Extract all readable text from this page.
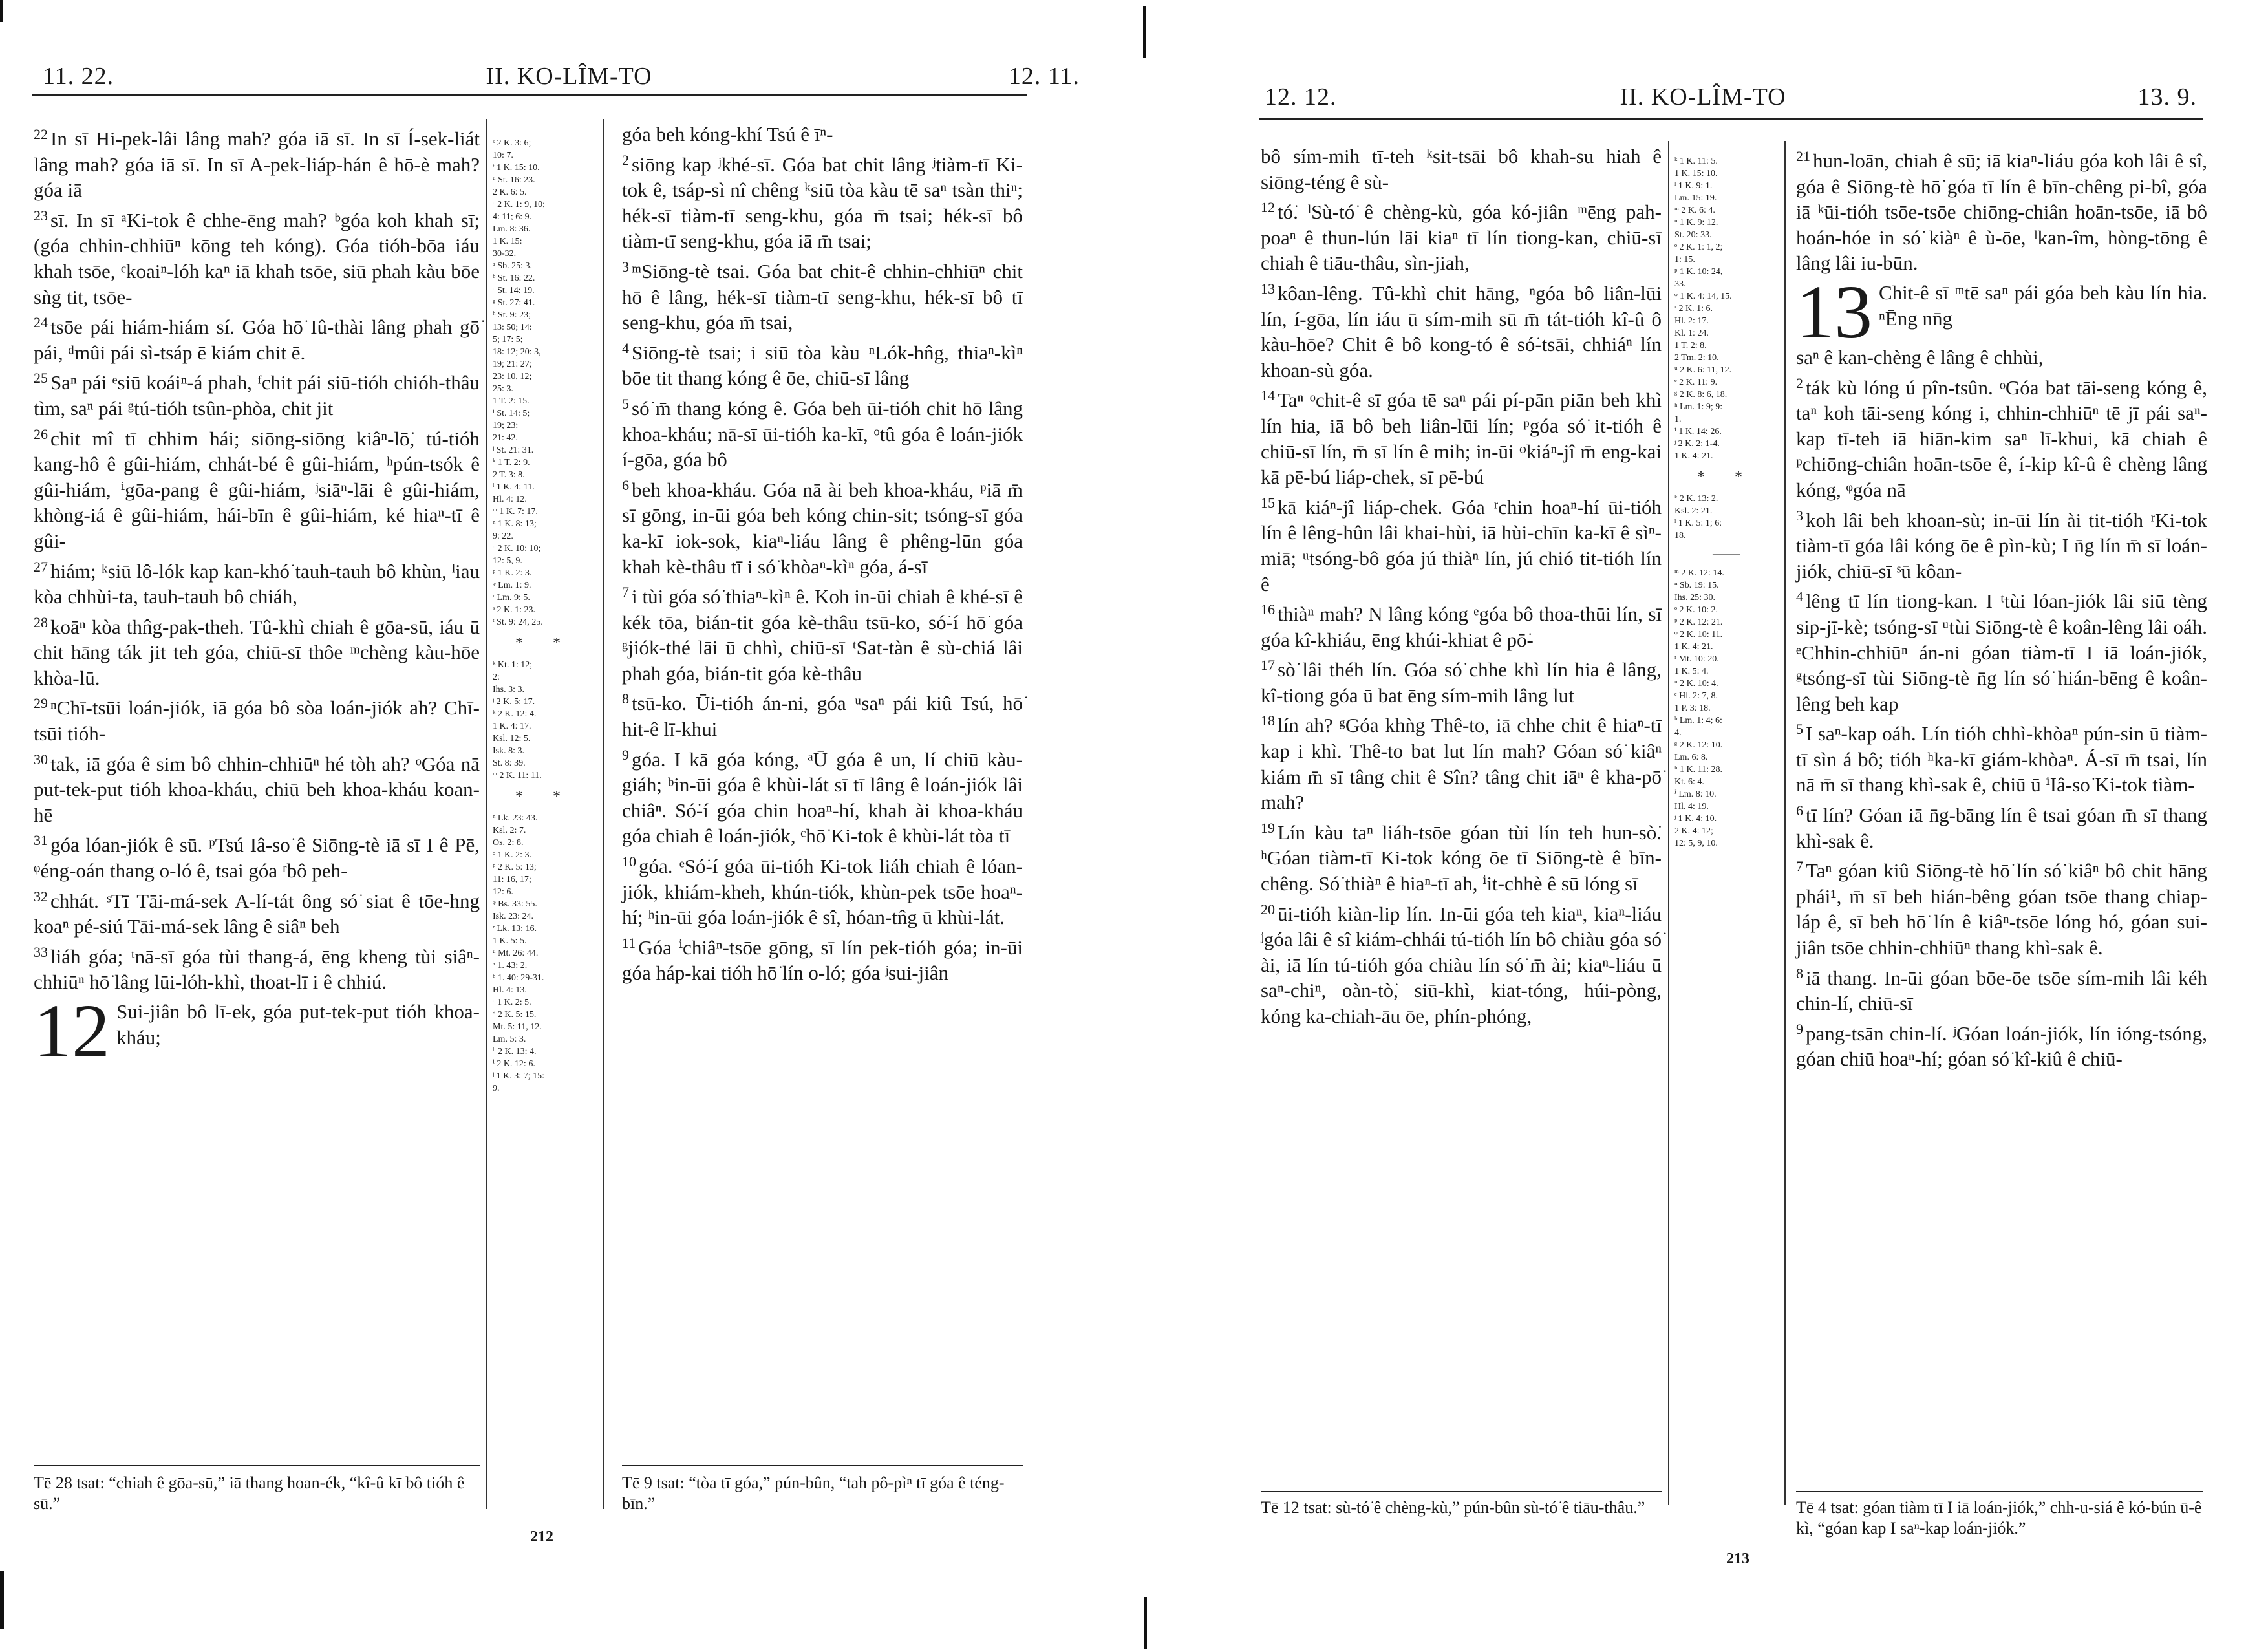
11. 22.	II. KO-LÎM-TO	12. 11.

$^{22}$ In sī Hi-pek-lâi lâng mah? góa iā sī. In sī Í-sek-liát lâng mah? góa iā sī. In sī A-pek-liáp-hán ê hō-è mah? góa iā

$^{23}$ sī. In sī ᵃKi-tok ê chhe-ēng mah? ᵇgóa koh khah sī; (góa chhin-chhiūⁿ kōng teh kóng). Góa tióh-bōa iáu khah tsōe, ᶜkoaiⁿ-lóh kaⁿ iā khah tsōe, siū phah kàu bōe sǹg tit, tsōe-

$^{24}$ tsōe pái hiám-hiám sí. Góa hō͘ Iû-thài lâng phah gō͘ pái, ᵈmûi pái sì-tsáp ē kiám chit ē.

$^{25}$ Saⁿ pái ᵉsiū koáiⁿ-á phah, ᶠchit pái siū-tióh chióh-thâu tìm, saⁿ pái ᵍtú-tióh tsûn-phòa, chit jit

$^{26}$ chit mî tī chhim hái; siōng-siōng kiâⁿ-lō͘, tú-tióh kang-hô ê gûi-hiám, chhát-bé ê gûi-hiám, ʰpún-tsók ê gûi-hiám, ⁱgōa-pang ê gûi-hiám, ʲsiāⁿ-lāi ê gûi-hiám, khòng-iá ê gûi-hiám, hái-bīn ê gûi-hiám, ké hiaⁿ-tī ê gûi-

$^{27}$ hiám; ᵏsiū lô-lók kap kan-khó͘ tauh-tauh bô khùn, ˡiau kòa chhùi-ta, tauh-tauh bô chiáh,

$^{28}$ koāⁿ kòa thn̂g-pak-theh. Tû-khì chiah ê gōa-sū, iáu ū chit hāng ták jit teh góa, chiū-sī thôe ᵐchèng kàu-hōe khòa-lū.

$^{29}$ ⁿChī-tsūi loán-jiók, iā góa bô sòa loán-jiók ah? Chī-tsūi tióh-

$^{30}$ tak, iā góa ê sim bô chhin-chhiūⁿ hé tòh ah? ᵒGóa nā put-tek-put tióh khoa-kháu, chiū beh khoa-kháu koan-hē

$^{31}$ góa lóan-jiók ê sū. ᵖTsú Iâ-so͘ ê Siōng-tè iā sī I ê Pē, ᵠéng-oán thang o-ló ê, tsai góa ʳbô peh-

$^{32}$ chhát. ˢTī Tāi-má-sek A-lí-tát ông só͘ siat ê tōe-hng koaⁿ pé-siú Tāi-má-sek lâng ê siâⁿ beh

$^{33}$ liáh góa; ᵗnā-sī góa tùi thang-á, ēng kheng tùi siâⁿ-chhiūⁿ hō͘ lâng lūi-lóh-khì, thoat-lī i ê chhiú.

12 Sui-jiân bô lī-ek, góa put-tek-put tióh khoa-kháu;

ˢ 2 K. 3: 6;
10: 7.
ᵗ 1 K. 15: 10.
ᵘ St. 16: 23.
2 K. 6: 5.
ᶜ 2 K. 1: 9, 10;
4: 11; 6: 9.
Lm. 8: 36.
1 K. 15:
30-32.
ᵃ Sb. 25: 3.
ᵇ St. 16: 22.
ᶜ St. 14: 19.
ᵍ St. 27: 41.
ʰ St. 9: 23;
13: 50; 14:
5; 17: 5;
18: 12; 20: 3,
19; 21: 27;
23: 10, 12;
25: 3.
1 T. 2: 15.
ⁱ St. 14: 5;
19; 23:
21: 42.
ʲ St. 21: 31.
ᵏ 1 T. 2: 9.
2 T. 3: 8.
ˡ 1 K. 4: 11.
Hl. 4: 12.
ᵐ 1 K. 7: 17.
ⁿ 1 K. 8: 13;
9: 22.
ᵒ 2 K. 10: 10;
12: 5, 9.
ᵖ 1 K. 2: 3.
ᵠ Lm. 1: 9.
ʳ Lm. 9: 5.
ˢ 2 K. 1: 23.
ᵗ St. 9: 24, 25.
* *
ᵏ Kt. 1: 12;
2:
Ihs. 3: 3.
ʲ 2 K. 5: 17.
ᵏ 2 K. 12: 4.
1 K. 4: 17.
Ksl. 12: 5.
Isk. 8: 3.
St. 8: 39.
ᵐ 2 K. 11: 11.
* *
ⁿ Lk. 23: 43.
Ksl. 2: 7.
Os. 2: 8.
ᵒ 1 K. 2: 3.
ᵖ 2 K. 5: 13;
11: 16, 17;
12: 6.
ᵠ Bs. 33: 55.
Isk. 23: 24.
ʳ Lk. 13: 16.
1 K. 5: 5.
ᵘ Mt. 26: 44.
ᵃ 1. 43: 2.
ᵇ 1. 40: 29-31.
Hl. 4: 13.
ᶜ 1 K. 2: 5.
ᵈ 2 K. 5: 15.
Mt. 5: 11, 12.
Lm. 5: 3.
ʰ 2 K. 13: 4.
ⁱ 2 K. 12: 6.
ʲ 1 K. 3: 7; 15:
9.

góa beh kóng-khí Tsú ê īⁿ-

$^2$ siōng kap ʲkhé-sī. Góa bat chit lâng ʲtiàm-tī Ki-tok ê, tsáp-sì nî chêng ᵏsiū tòa kàu tē saⁿ tsàn thiⁿ; hék-sī tiàm-tī seng-khu, góa m̄ tsai; hék-sī bô tiàm-tī seng-khu, góa iā m̄ tsai;

$^3$ ᵐSiōng-tè tsai. Góa bat chit-ê chhin-chhiūⁿ chit hō ê lâng, hék-sī tiàm-tī seng-khu, hék-sī bô tī seng-khu, góa m̄ tsai,

$^4$ Siōng-tè tsai; i siū tòa kàu ⁿLók-hn̂g, thiaⁿ-kìⁿ bōe tit thang kóng ê ōe, chiū-sī lâng

$^5$ só͘ m̄ thang kóng ê. Góa beh ūi-tióh chit hō lâng khoa-kháu; nā-sī ūi-tióh ka-kī, ᵒtû góa ê loán-jiók í-gōa, góa bô

$^6$ beh khoa-kháu. Góa nā ài beh khoa-kháu, ᵖiā m̄ sī gōng, in-ūi góa beh kóng chin-sit; tsóng-sī góa ka-kī iok-sok, kiaⁿ-liáu lâng ê phêng-lūn góa khah kè-thâu tī i só͘ khòaⁿ-kìⁿ góa, á-sī

$^7$ i tùi góa só͘ thiaⁿ-kìⁿ ê. Koh in-ūi chiah ê khé-sī ê kék tōa, bián-tit góa kè-thâu tsū-ko, só͘-í hō͘ góa ᵍjiók-thé lāi ū chhì, chiū-sī ᵗSat-tàn ê sù-chiá lâi phah góa, bián-tit góa kè-thâu

$^8$ tsū-ko. Ūi-tióh án-ni, góa ᵘsaⁿ pái kiû Tsú, hō͘ hit-ê lī-khui

$^9$ góa. I kā góa kóng, ᵃŪ góa ê un, lí chiū kàu-giáh; ᵇin-ūi góa ê khùi-lát sī tī lâng ê loán-jiók lâi chiâⁿ. Só͘-í góa chin hoaⁿ-hí, khah ài khoa-kháu góa chiah ê loán-jiók, ᶜhō͘ Ki-tok ê khùi-lát tòa tī

$^{10}$ góa. ᵉSó͘-í góa ūi-tióh Ki-tok liáh chiah ê lóan-jiók, khiám-kheh, khún-tiók, khùn-pek tsōe hoaⁿ-hí; ʰin-ūi góa loán-jiók ê sî, hóan-tn̂g ū khùi-lát.

$^{11}$ Góa ⁱchiâⁿ-tsōe gōng, sī lín pek-tióh góa; in-ūi góa háp-kai tióh hō͘ lín o-ló; góa ʲsui-jiân

Tē 28 tsat: “chiah ê gōa-sū,” iā thang hoan-ék, “kî-û kī bô tióh ê sū.”
Tē 9 tsat: “tòa tī góa,” pún-bûn, “tah pô-pìⁿ tī góa ê téng-bīn.”
212
12. 12.	II. KO-LÎM-TO	13. 9.

bô sím-mih tī-teh ᵏsit-tsāi bô khah-su hiah ê siōng-téng ê sù-

$^{12}$ tó͘. ˡSù-tó͘ ê chèng-kù, góa kó-jiân ᵐēng pah-poaⁿ ê thun-lún lāi kiaⁿ tī lín tiong-kan, chiū-sī chiah ê tiāu-thâu, sìn-jiah,

$^{13}$ kôan-lêng. Tû-khì chit hāng, ⁿgóa bô liân-lūi lín, í-gōa, lín iáu ū sím-mih sū m̄ tát-tióh kî-û ô kàu-hōe? Chit ê bô kong-tó ê só͘-tsāi, chhiáⁿ lín khoan-sù góa.

$^{14}$ Taⁿ ᵒchit-ê sī góa tē saⁿ pái pí-pān piān beh khì lín hia, iā bô beh liân-lūi lín; ᵖgóa só͘ it-tióh ê chiū-sī lín, m̄ sī lín ê mih; in-ūi ᵠkiáⁿ-jî m̄ eng-kai kā pē-bú liáp-chek, sī pē-bú

$^{15}$ kā kiáⁿ-jî liáp-chek. Góa ʳchin hoaⁿ-hí ūi-tióh lín ê lêng-hûn lâi khai-hùi, iā hùi-chīn ka-kī ê sìⁿ-miā; ᵘtsóng-bô góa jú thiàⁿ lín, jú chió tit-tióh lín ê

$^{16}$ thiàⁿ mah? N lâng kóng ᵉgóa bô thoa-thūi lín, sī góa kî-khiáu, ēng khúi-khiat ê pō͘-

$^{17}$ sò͘ lâi théh lín. Góa só͘ chhe khì lín hia ê lâng, kî-tiong góa ū bat ēng sím-mih lâng lut

$^{18}$ lín ah? ᵍGóa khǹg Thê-to, iā chhe chit ê hiaⁿ-tī kap i khì. Thê-to bat lut lín mah? Góan só͘ kiâⁿ kiám m̄ sī tâng chit ê Sîn? tâng chit iāⁿ ê kha-pō͘ mah?

$^{19}$ Lín kàu taⁿ liáh-tsōe góan tùi lín teh hun-sò͘. ʰGóan tiàm-tī Ki-tok kóng ōe tī Siōng-tè ê bīn-chêng. Só͘ thiàⁿ ê hiaⁿ-tī ah, ⁱit-chhè ê sū lóng sī

$^{20}$ ūi-tióh kiàn-lip lín. In-ūi góa teh kiaⁿ, kiaⁿ-liáu ʲgóa lâi ê sî kiám-chhái tú-tióh lín bô chiàu góa só͘ ài, iā lín tú-tióh góa chiàu lín só͘ m̄ ài; kiaⁿ-liáu ū saⁿ-chiⁿ, oàn-tò͘, siū-khì, kiat-tóng, húi-pòng, kóng ka-chiah-āu ōe, phín-phóng,

ᵏ 1 K. 11: 5.
1 K. 15: 10.
ˡ 1 K. 9: 1.
Lm. 15: 19.
ᵐ 2 K. 6: 4.
ⁿ 1 K. 9: 12.
St. 20: 33.
ᵒ 2 K. 1: 1, 2;
1: 15.
ᵖ 1 K. 10: 24,
33.
ᵠ 1 K. 4: 14, 15.
ʳ 2 K. 1: 6.
Hl. 2: 17.
Kl. 1: 24.
1 T. 2: 8.
2 Tm. 2: 10.
ᵘ 2 K. 6: 11, 12.
ᵉ 2 K. 11: 9.
ᵍ 2 K. 8: 6, 18.
ʰ Lm. 1: 9; 9:
1.
ⁱ 1 K. 14: 26.
ʲ 2 K. 2: 1-4.
1 K. 4: 21.
* *
ᵏ 2 K. 13: 2.
Ksl. 2: 21.
ˡ 1 K. 5: 1; 6:
18.
———
ᵐ 2 K. 12: 14.
ⁿ Sb. 19: 15.
Ihs. 25: 30.
ᵒ 2 K. 10: 2.
ᵖ 2 K. 12: 21.
ᵠ 2 K. 10: 11.
1 K. 4: 21.
ʳ Mt. 10: 20.
1 K. 5: 4.
ᵘ 2 K. 10: 4.
ᵉ Hl. 2: 7, 8.
1 P. 3: 18.
ᵇ Lm. 1: 4; 6:
4.
ᵍ 2 K. 12: 10.
Lm. 6: 8.
ʰ 1 K. 11: 28.
Kt. 6: 4.
ⁱ Lm. 8: 10.
Hl. 4: 19.
ʲ 1 K. 4: 10.
2 K. 4: 12;
12: 5, 9, 10.

$^{21}$ hun-loān, chiah ê sū; iā kiaⁿ-liáu góa koh lâi ê sî, góa ê Siōng-tè hō͘ góa tī lín ê bīn-chêng pi-bî, góa iā ᵏūi-tióh tsōe-tsōe chiōng-chiân hoān-tsōe, iā bô hoán-hóe in só͘ kiàⁿ ê ù-ōe, ˡkan-îm, hòng-tōng ê lâng lâi iu-būn.

13 Chit-ê sī ᵐtē saⁿ pái góa beh kàu lín hia. ⁿĒng nn̄g

saⁿ ê kan-chèng ê lâng ê chhùi,

$^2$ ták kù lóng ú pîn-tsûn. ᵒGóa bat tāi-seng kóng ê, taⁿ koh tāi-seng kóng i, chhin-chhiūⁿ tē jī pái saⁿ-kap tī-teh iā hiān-kim saⁿ lī-khui, kā chiah ê ᵖchiōng-chiân hoān-tsōe ê, í-kip kî-û ê chèng lâng kóng, ᵠgóa nā

$^3$ koh lâi beh khoan-sù; in-ūi lín ài tit-tióh ʳKi-tok tiàm-tī góa lâi kóng ōe ê pìn-kù; I n̄g lín m̄ sī loán-jiók, chiū-sī ˢū kôan-

$^4$ lêng tī lín tiong-kan. I ᵗtùi lóan-jiók lâi siū tèng sip-jī-kè; tsóng-sī ᵘtùi Siōng-tè ê koân-lêng lâi oáh. ᵉChhin-chhiūⁿ án-ni góan tiàm-tī I iā loán-jiók, ᵍtsóng-sī tùi Siōng-tè n̄g lín só͘ hián-bēng ê koân-lêng beh kap

$^5$ I saⁿ-kap oáh. Lín tióh chhì-khòaⁿ pún-sin ū tiàm-tī sìn á bô; tióh ʰka-kī giám-khòaⁿ. Á-sī m̄ tsai, lín nā m̄ sī thang khì-sak ê, chiū ū ⁱIâ-so͘ Ki-tok tiàm-

$^6$ tī lín? Góan iā n̄g-bāng lín ê tsai góan m̄ sī thang khì-sak ê.

$^7$ Taⁿ góan kiû Siōng-tè hō͘ lín só͘ kiâⁿ bô chit hāng phái¹, m̄ sī beh hián-bêng góan tsōe thang chiap-láp ê, sī beh hō͘ lín ê kiâⁿ-tsōe lóng hó, góan sui-jiân tsōe chhin-chhiūⁿ thang khì-sak ê.

$^8$ iā thang. In-ūi góan bōe-ōe tsōe sím-mih lâi kéh chin-lí, chiū-sī

$^9$ pang-tsān chin-lí. ʲGóan loán-jiók, lín ióng-tsóng, góan chiū hoaⁿ-hí; góan só͘ kî-kiû ê chiū-

Tē 12 tsat: sù-tó͘ ê chèng-kù,” pún-bûn sù-tó͘ ê tiāu-thâu.”	Tē 4 tsat: góan tiàm tī I iā loán-jiók,” chh-u-siá ê kó-bún ū-ê kì, “góan kap I saⁿ-kap loán-jiók.”
213
